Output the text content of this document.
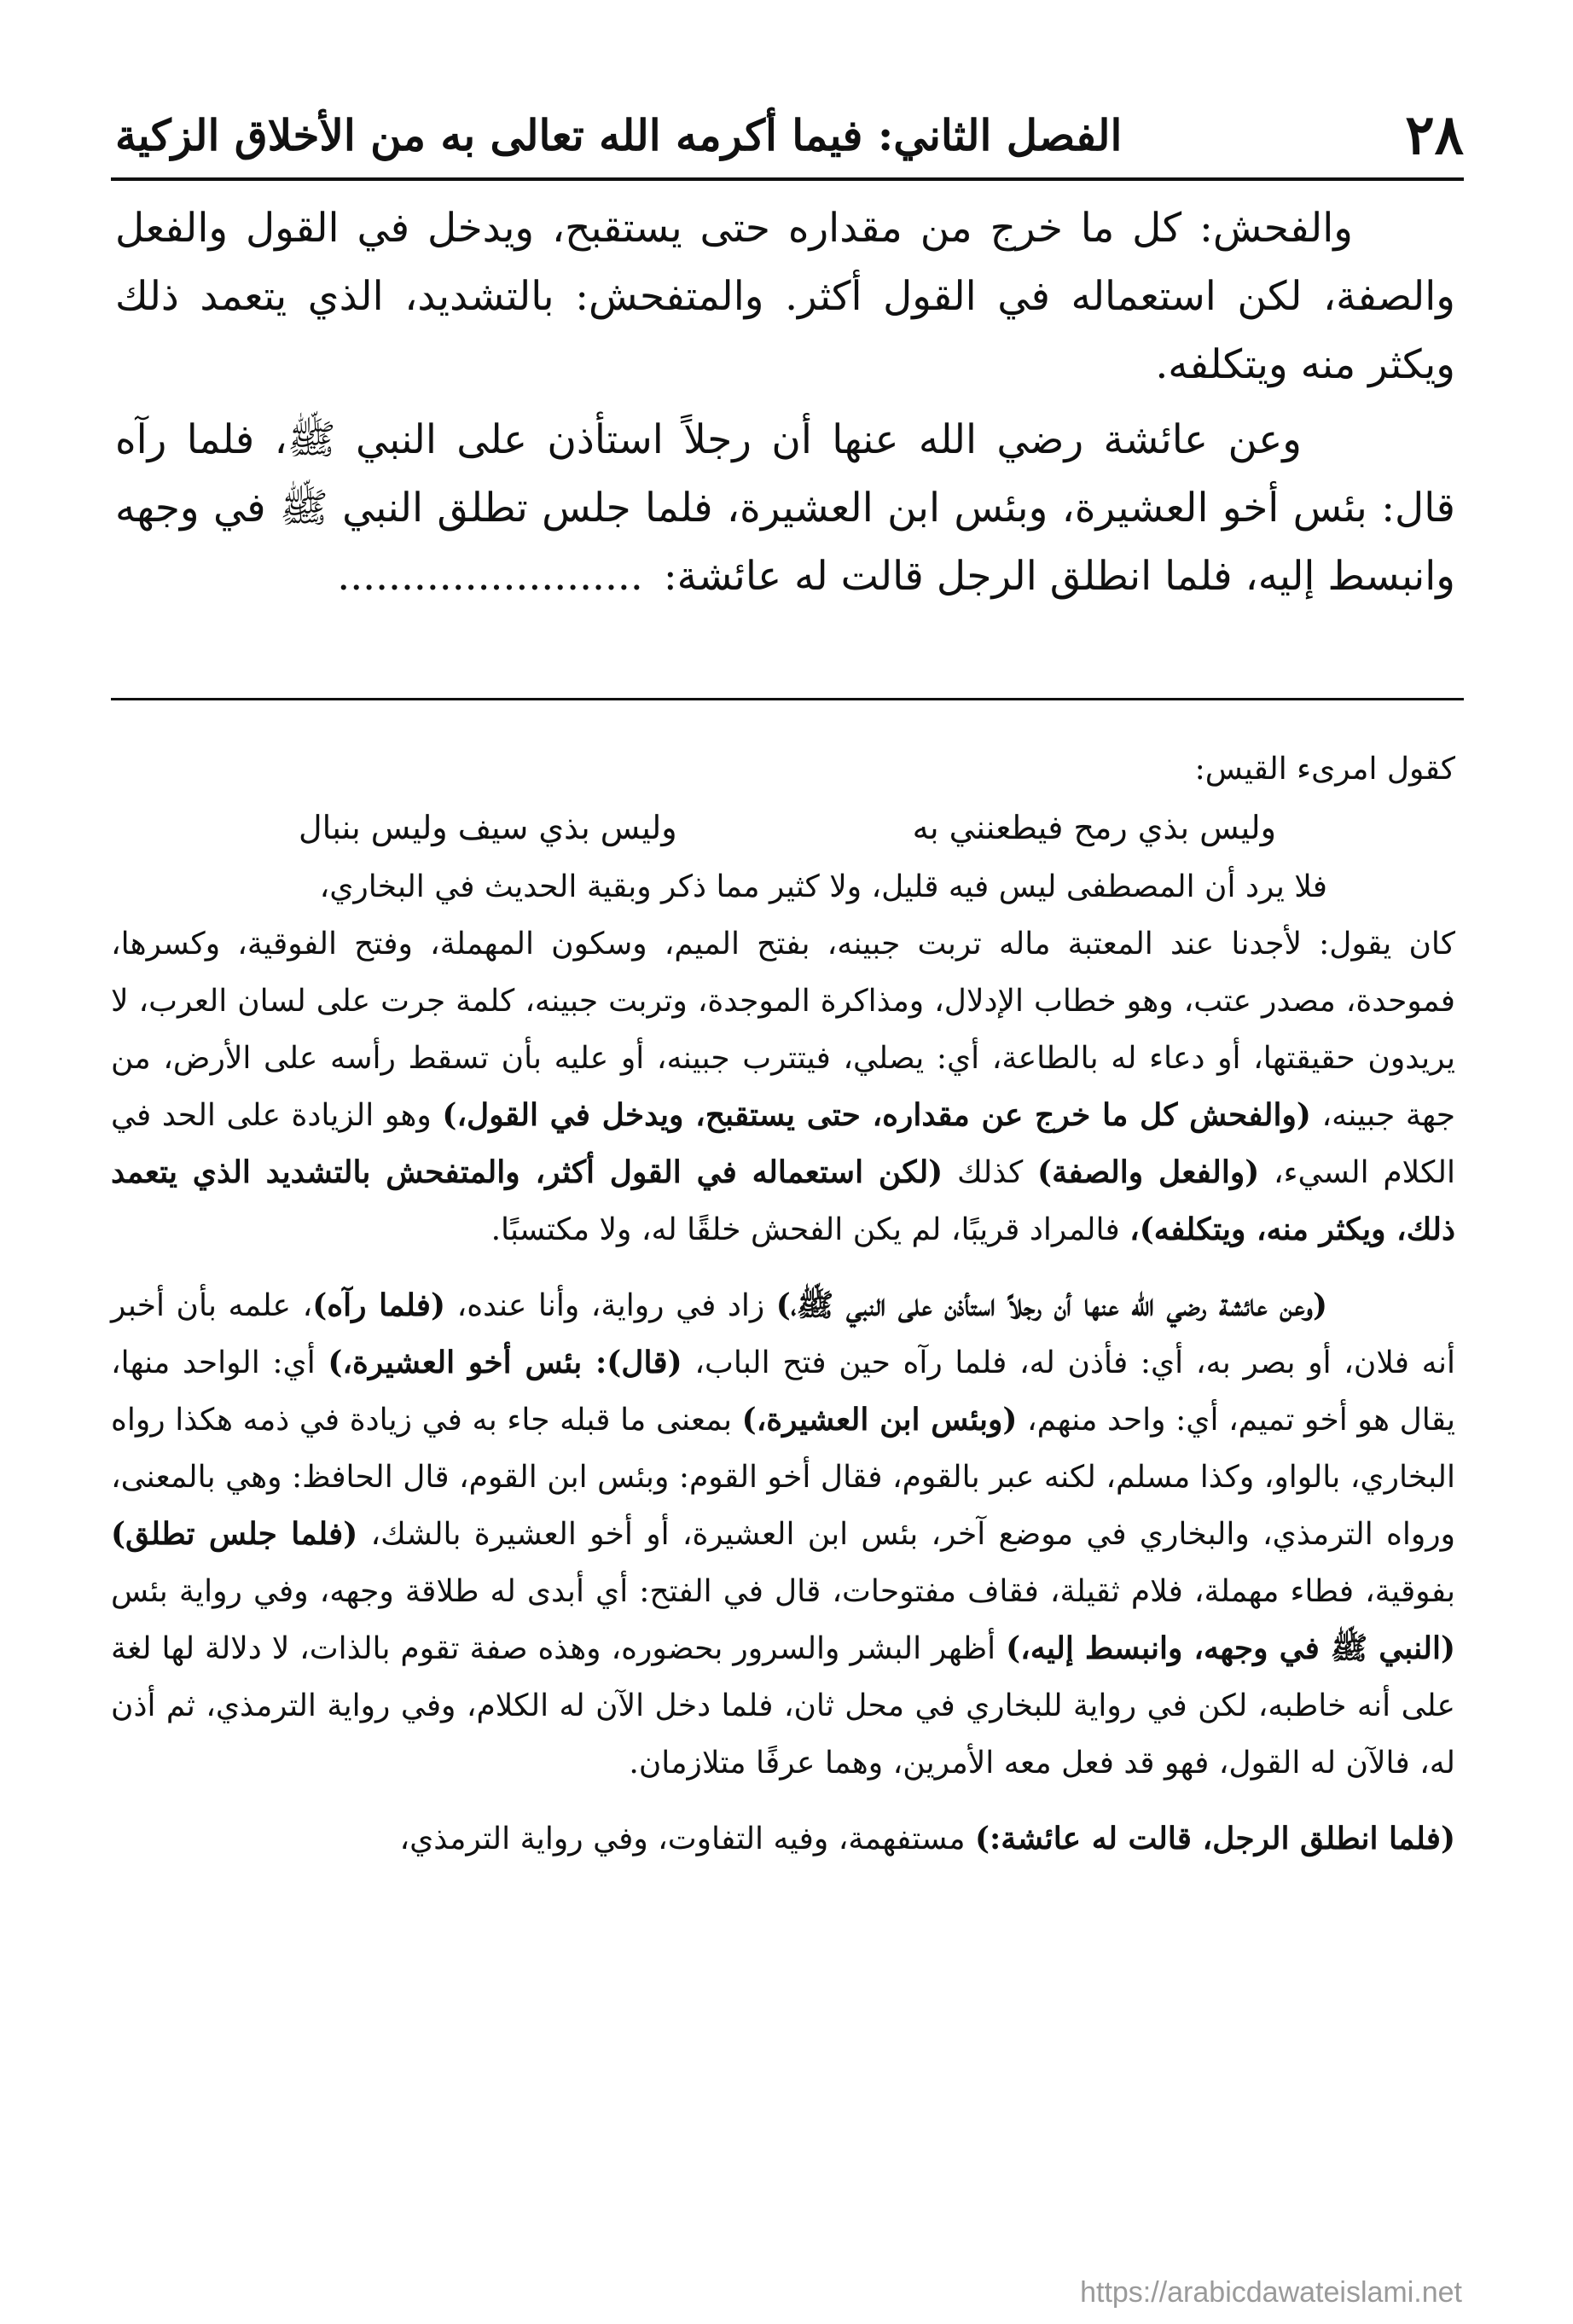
٢٨
الفصل الثاني: فيما أكرمه الله تعالى به من الأخلاق الزكية

والفحش: كل ما خرج من مقداره حتى يستقبح، ويدخل في القول والفعل والصفة، لكن استعماله في القول أكثر. والمتفحش: بالتشديد، الذي يتعمد ذلك ويكثر منه ويتكلفه.

وعن عائشة رضي الله عنها أن رجلاً استأذن على النبي ﷺ، فلما رآه قال: بئس أخو العشيرة، وبئس ابن العشيرة، فلما جلس تطلق النبي ﷺ في وجهه وانبسط إليه، فلما انطلق الرجل قالت له عائشة:........................

كقول امرىء القيس:

وليس بذي رمح فيطعنني به
وليس بذي سيف وليس بنبال

فلا يرد أن المصطفى ليس فيه قليل، ولا كثير مما ذكر وبقية الحديث في البخاري،

كان يقول: لأجدنا عند المعتبة ماله تربت جبينه، بفتح الميم، وسكون المهملة، وفتح الفوقية، وكسرها، فموحدة، مصدر عتب، وهو خطاب الإدلال، ومذاكرة الموجدة، وتربت جبينه، كلمة جرت على لسان العرب، لا يريدون حقيقتها، أو دعاء له بالطاعة، أي: يصلي، فيتترب جبينه، أو عليه بأن تسقط رأسه على الأرض، من جهة جبينه، (والفحش كل ما خرج عن مقداره، حتى يستقبح، ويدخل في القول،) وهو الزيادة على الحد في الكلام السيء، (والفعل والصفة) كذلك (لكن استعماله في القول أكثر، والمتفحش بالتشديد الذي يتعمد ذلك، ويكثر منه، ويتكلفه)، فالمراد قريبًا، لم يكن الفحش خلقًا له، ولا مكتسبًا.

(وعن عائشة رضي الله عنها أن رجلاً استأذن على النبي ﷺ،) زاد في رواية، وأنا عنده، (فلما رآه)، علمه بأن أخبر أنه فلان، أو بصر به، أي: فأذن له، فلما رآه حين فتح الباب، (قال): بئس أخو العشيرة،) أي: الواحد منها، يقال هو أخو تميم، أي: واحد منهم، (وبئس ابن العشيرة،) بمعنى ما قبله جاء به في زيادة في ذمه هكذا رواه البخاري، بالواو، وكذا مسلم، لكنه عبر بالقوم، فقال أخو القوم: وبئس ابن القوم، قال الحافظ: وهي بالمعنى، ورواه الترمذي، والبخاري في موضع آخر، بئس ابن العشيرة، أو أخو العشيرة بالشك، (فلما جلس تطلق) بفوقية، فطاء مهملة، فلام ثقيلة، فقاف مفتوحات، قال في الفتح: أي أبدى له طلاقة وجهه، وفي رواية بئس (النبي ﷺ في وجهه، وانبسط إليه،) أظهر البشر والسرور بحضوره، وهذه صفة تقوم بالذات، لا دلالة لها لغة على أنه خاطبه، لكن في رواية للبخاري في محل ثان، فلما دخل الآن له الكلام، وفي رواية الترمذي، ثم أذن له، فالآن له القول، فهو قد فعل معه الأمرين، وهما عرفًا متلازمان.

(فلما انطلق الرجل، قالت له عائشة:) مستفهمة، وفيه التفاوت، وفي رواية الترمذي،

https://arabicdawateislami.net
